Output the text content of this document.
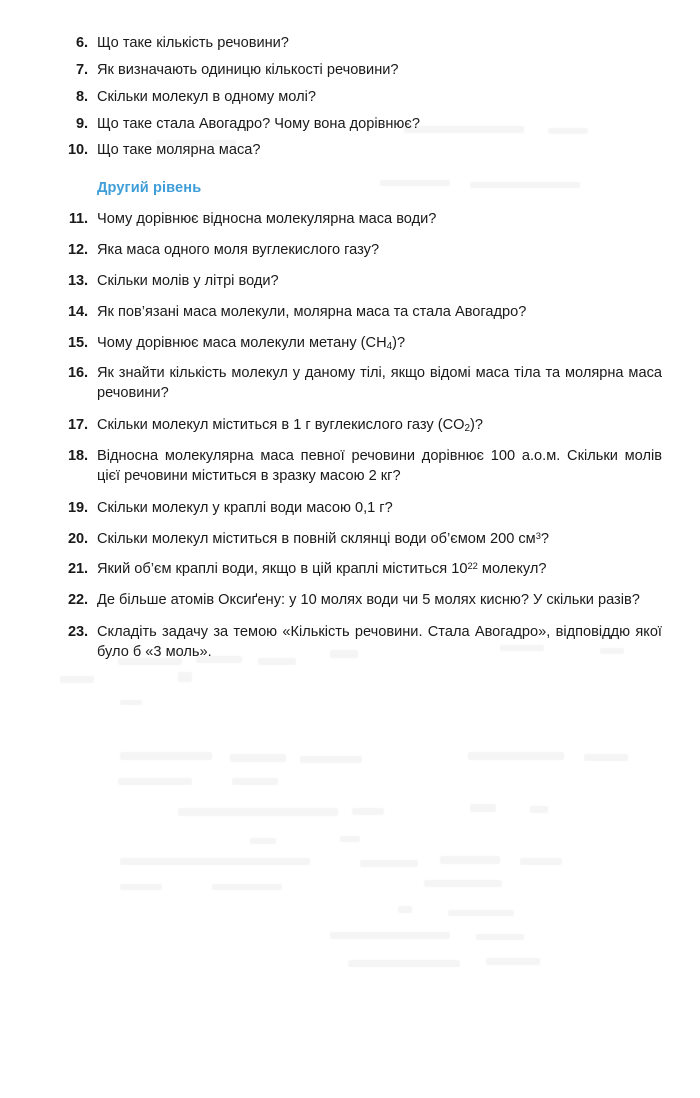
6. Що таке кількість речовини?
7. Як визначають одиницю кількості речовини?
8. Скільки молекул в одному молі?
9. Що таке стала Авогадро? Чому вона дорівнює?
10. Що таке молярна маса?
Другий рівень
11. Чому дорівнює відносна молекулярна маса води?
12. Яка маса одного моля вуглекислого газу?
13. Скільки молів у літрі води?
14. Як пов’язані маса молекули, молярна маса та стала Авогадро?
15. Чому дорівнює маса молекули метану $(CH_4)$?
16. Як знайти кількість молекул у даному тілі, якщо відомі маса тіла та молярна маса речовини?
17. Скільки молекул міститься в 1 г вуглекислого газу $(CO_2)$?
18. Відносна молекулярна маса певної речовини дорівнює 100 а.о.м. Скільки молів цієї речовини міститься в зразку масою 2 кг?
19. Скільки молекул у краплі води масою 0,1 г?
20. Скільки молекул міститься в повній склянці води об’ємом 200 $см^3$?
21. Який об’єм краплі води, якщо в цій краплі міститься $10^{22}$ молекул?
22. Де більше атомів Оксиґену: у 10 молях води чи 5 молях кисню? У скільки разів?
23. Складіть задачу за темою «Кількість речовини. Стала Авогадро», відповіддю якої було б «3 моль».
